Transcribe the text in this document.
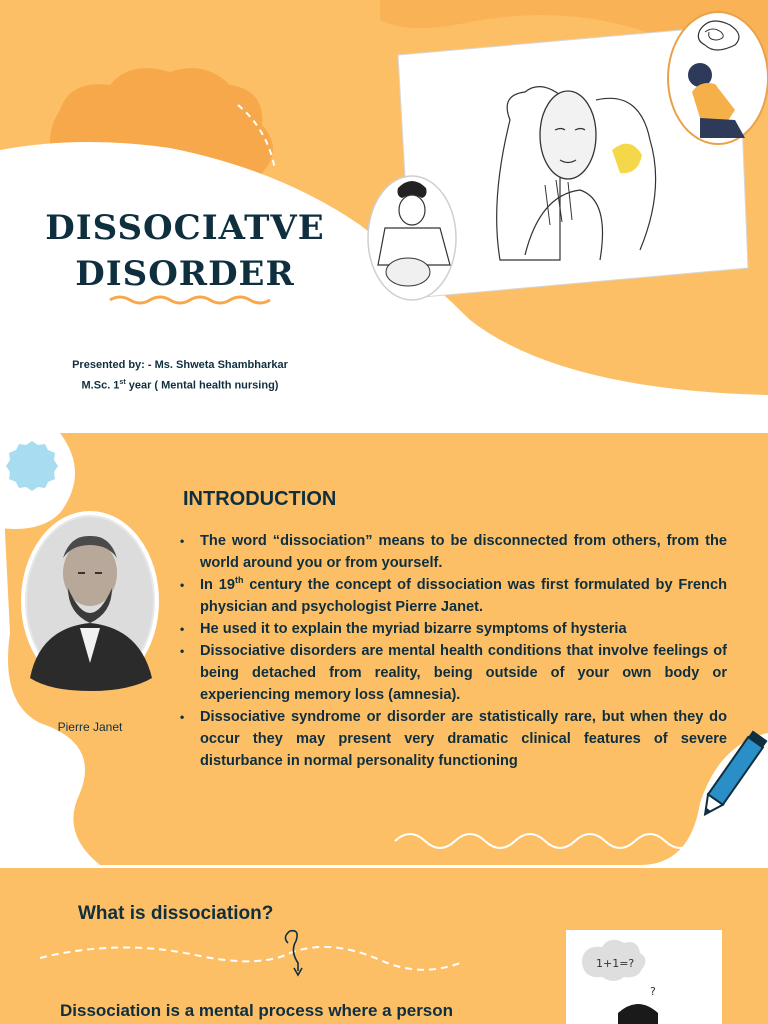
DISSOCIATVE
DISORDER
Presented by: - Ms. Shweta Shambharkar
M.Sc. 1st year ( Mental health nursing)
INTRODUCTION
• The word “dissociation” means to be disconnected from others, from the world around you or from yourself.
• In 19th century the concept of dissociation was first formulated by French physician and psychologist Pierre Janet.
• He used it to explain the myriad bizarre symptoms of hysteria
• Dissociative disorders are mental health conditions that involve feelings of being detached from reality, being outside of your own body or experiencing memory loss (amnesia).
• Dissociative syndrome or disorder are statistically rare, but when they do occur they may present very dramatic clinical features of severe disturbance in normal personality functioning
Pierre Janet
1+1=?
?
What is dissociation?
Dissociation is a mental process where a person
